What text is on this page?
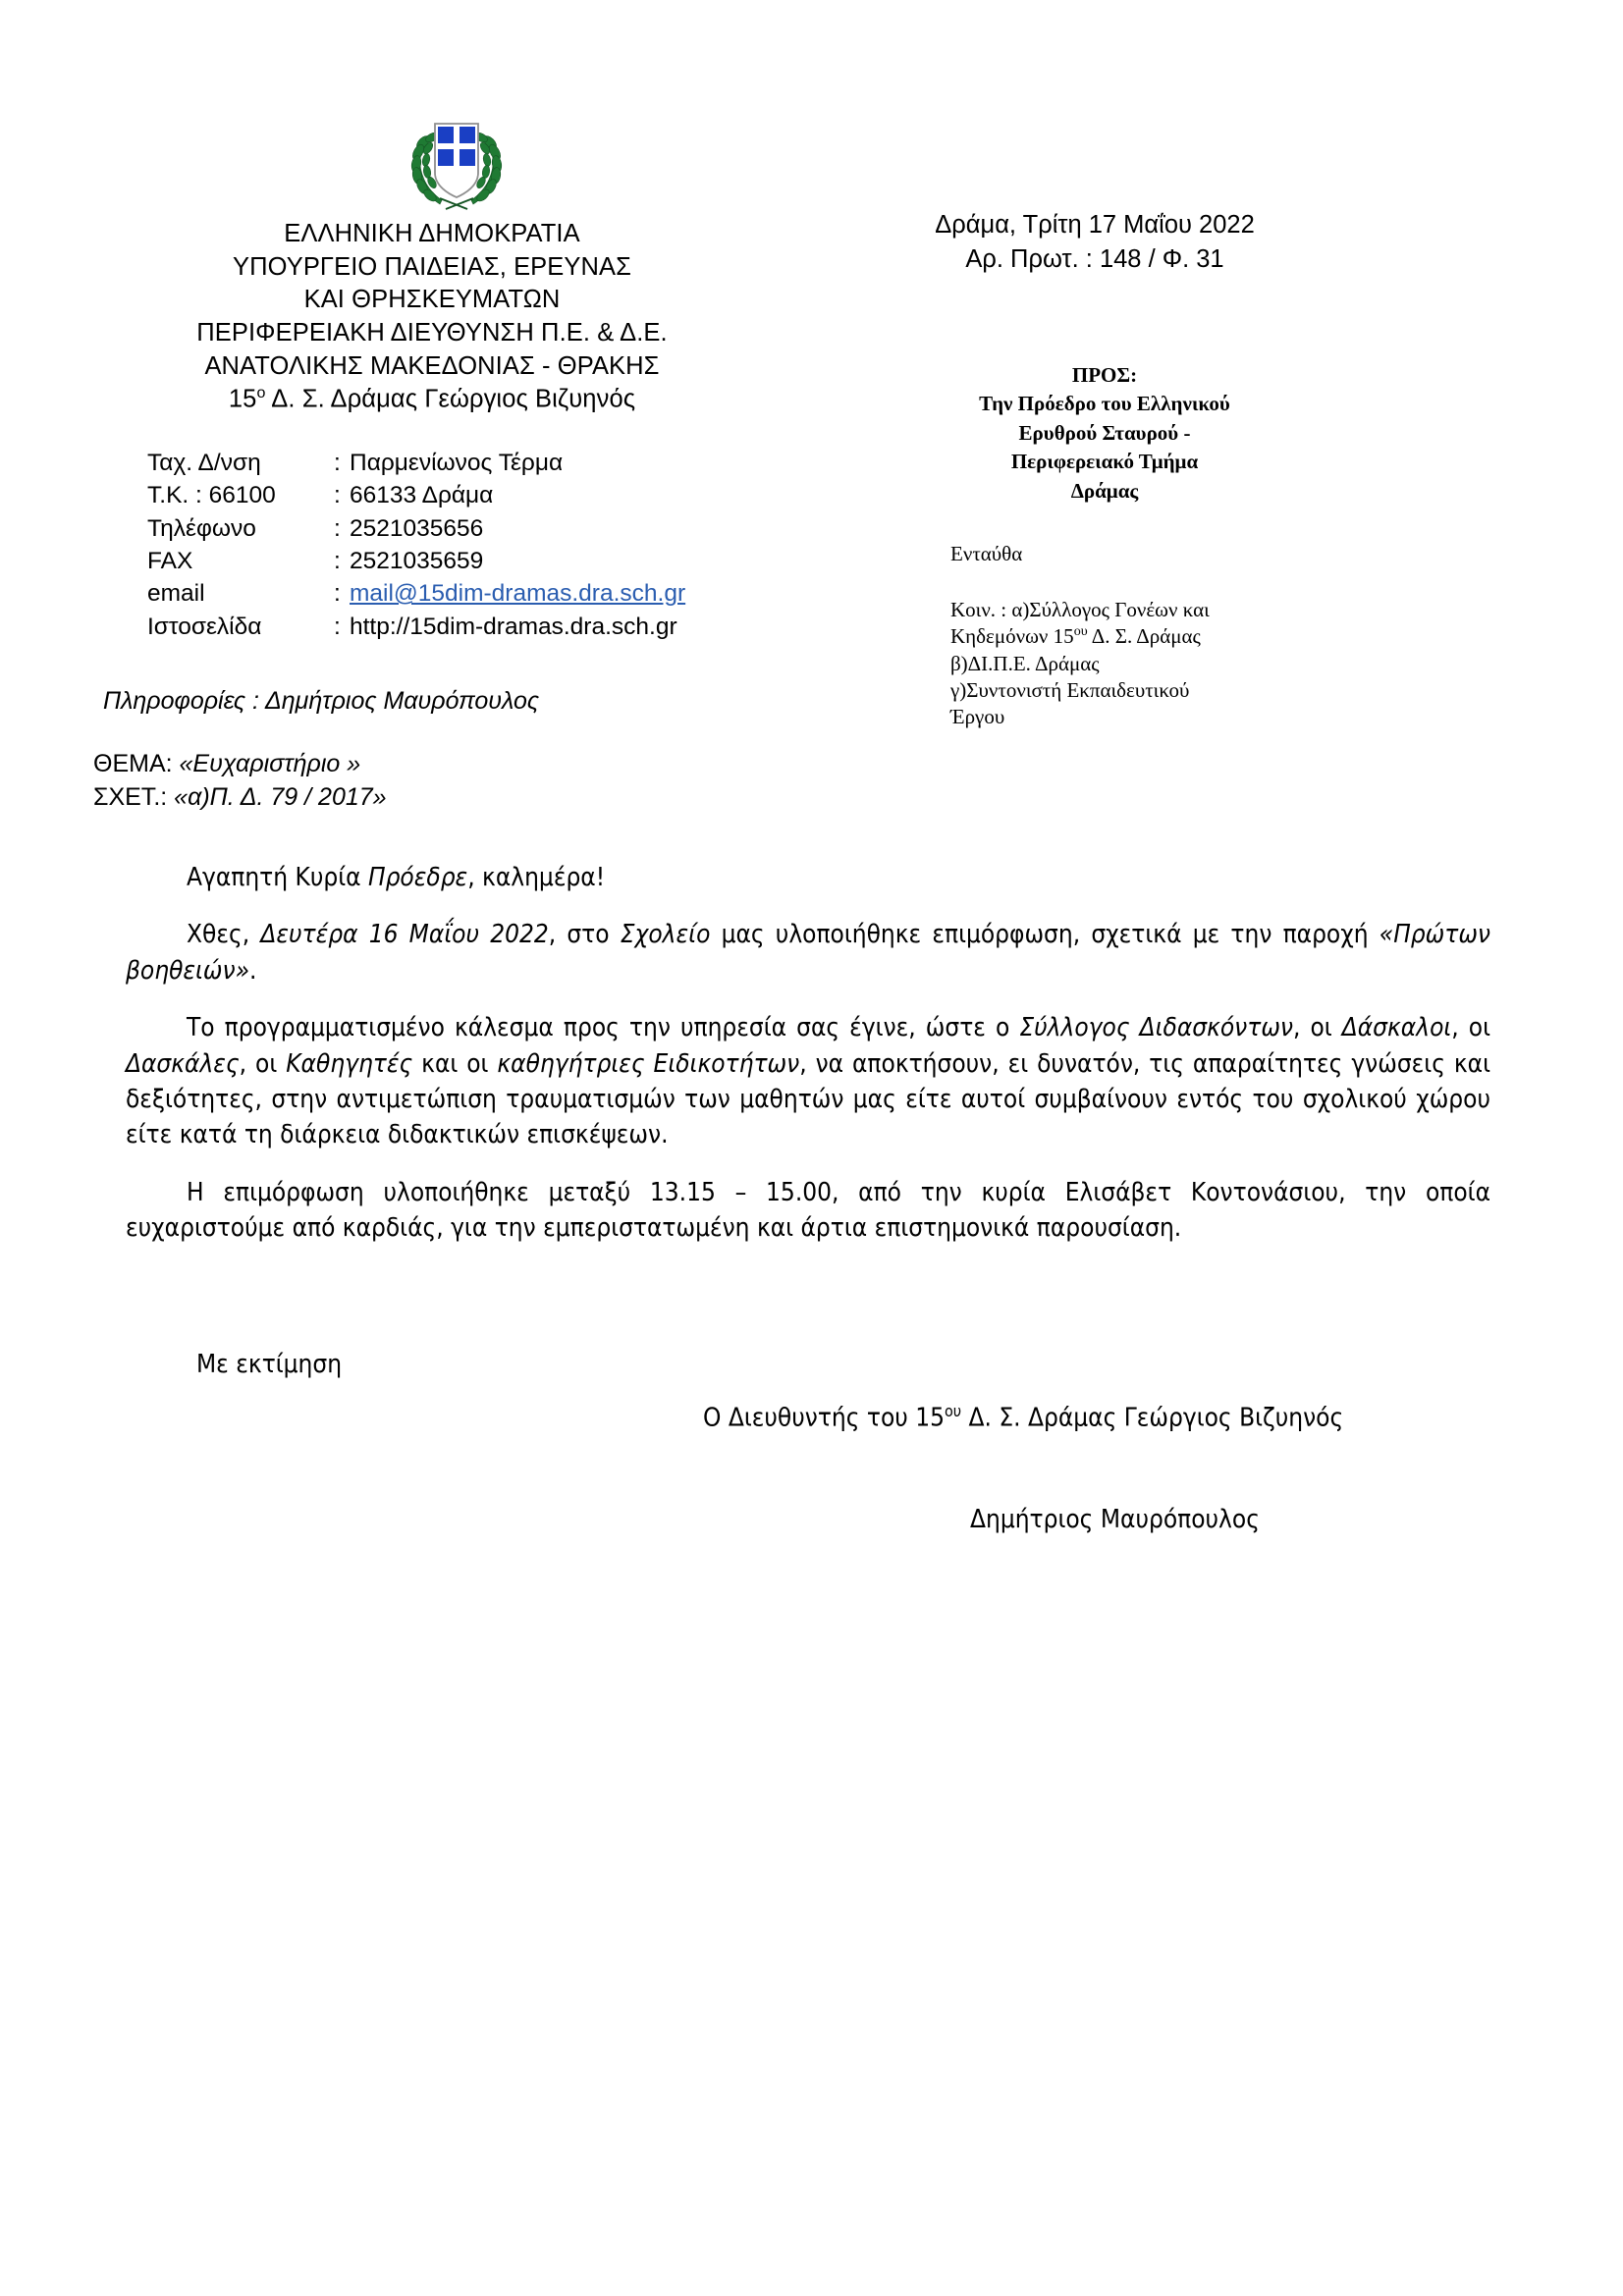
ΕΛΛΗΝΙΚΗ ΔΗΜΟΚΡΑΤΙΑ
ΥΠΟΥΡΓΕΙΟ ΠΑΙΔΕΙΑΣ, ΕΡΕΥΝΑΣ
ΚΑΙ ΘΡΗΣΚΕΥΜΑΤΩΝ
ΠΕΡΙΦΕΡΕΙΑΚΗ ΔΙΕΥΘΥΝΣΗ Π.Ε. & Δ.Ε.
ΑΝΑΤΟΛΙΚΗΣ ΜΑΚΕΔΟΝΙΑΣ - ΘΡΑΚΗΣ
$15^o$ Δ. Σ. Δράμας Γεώργιος Βιζυηνός
Ταχ. Δ/νση	: Παρμενίωνος Τέρμα
Τ.Κ. : 66100	: 66133 Δράμα
Τηλέφωνο	: 2521035656
FAX	: 2521035659
email	: mail@15dim-dramas.dra.sch.gr
Ιστοσελίδα	: http://15dim-dramas.dra.sch.gr
Πληροφορίες : Δημήτριος Μαυρόπουλος
ΘΕΜΑ: «Ευχαριστήριο »
ΣΧΕΤ.: «α)Π. Δ. 79 / 2017»
Δράμα, Τρίτη 17 Μαΐου 2022
Αρ. Πρωτ. : 148 / Φ. 31
ΠΡΟΣ:
Την Πρόεδρο του Ελληνικού
Ερυθρού Σταυρού -
Περιφερειακό Τμήμα
Δράμας
Ενταύθα
Κοιν. : α)Σύλλογος Γονέων και
Κηδεμόνων $15^{o\upsilon}$ Δ. Σ. Δράμας
β)ΔΙ.Π.Ε. Δράμας
γ)Συντονιστή Εκπαιδευτικού
Έργου

Αγαπητή Κυρία Πρόεδρε, καλημέρα!

Χθες, Δευτέρα 16 Μαΐου 2022, στο Σχολείο μας υλοποιήθηκε επιμόρφωση, σχετικά με την παροχή «Πρώτων βοηθειών».

Το προγραμματισμένο κάλεσμα προς την υπηρεσία σας έγινε, ώστε ο Σύλλογος Διδασκόντων, οι Δάσκαλοι, οι Δασκάλες, οι Καθηγητές και οι καθηγήτριες Ειδικοτήτων, να αποκτήσουν, ει δυνατόν, τις απαραίτητες γνώσεις και δεξιότητες, στην αντιμετώπιση τραυματισμών των μαθητών μας είτε αυτοί συμβαίνουν εντός του σχολικού χώρου είτε κατά τη διάρκεια διδακτικών επισκέψεων.

Η επιμόρφωση υλοποιήθηκε μεταξύ 13.15 – 15.00, από την κυρία Ελισάβετ Κοντονάσιου, την οποία ευχαριστούμε από καρδιάς, για την εμπεριστατωμένη και άρτια επιστημονικά παρουσίαση.

Με εκτίμηση
Ο Διευθυντής του $15^{o\upsilon}$ Δ. Σ. Δράμας Γεώργιος Βιζυηνός
Δημήτριος Μαυρόπουλος
